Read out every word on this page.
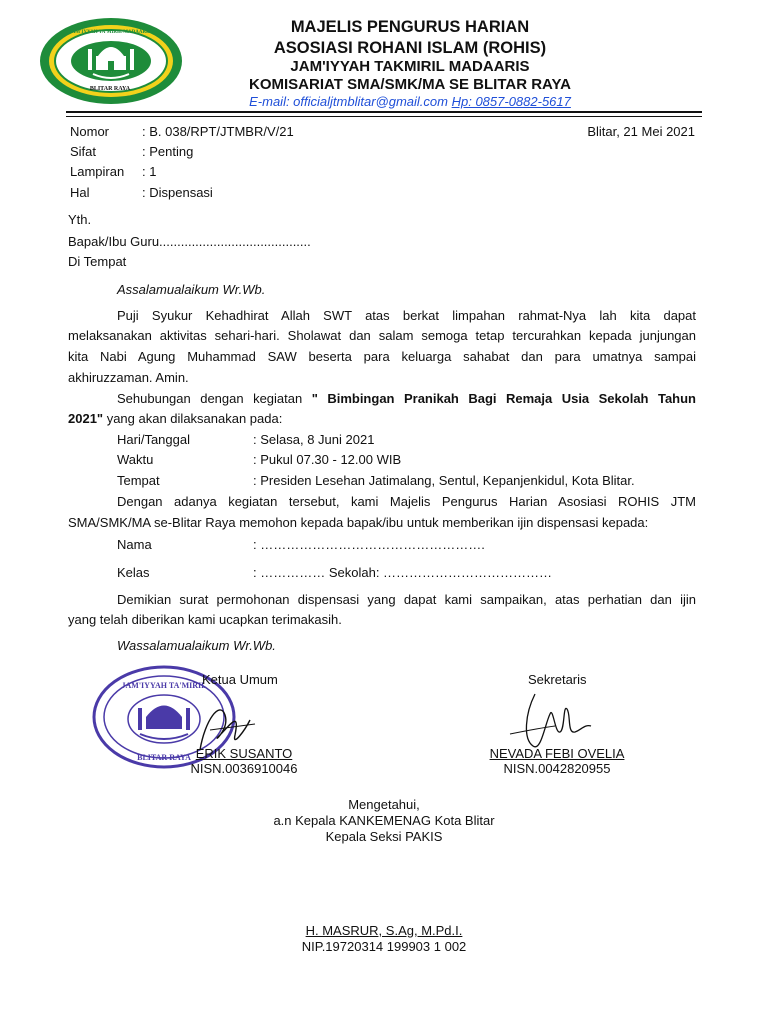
JAM'IYYAH TA'MIRIL MADAARIS
BLITAR RAYA
MAJELIS PENGURUS HARIAN
ASOSIASI ROHANI ISLAM (ROHIS)
JAM'IYYAH TAKMIRIL MADAARIS
KOMISARIAT SMA/SMK/MA SE BLITAR RAYA
E-mail: officialjtmblitar@gmail.com Hp: 0857-0882-5617
Nomor	: B. 038/RPT/JTMBR/V/21
Sifat	: Penting
Lampiran : 1
Hal	: Dispensasi
Blitar, 21 Mei 2021
Yth.
Bapak/Ibu Guru..........................................
Di Tempat
Assalamualaikum Wr.Wb.
Puji Syukur Kehadhirat Allah SWT atas berkat limpahan rahmat-Nya lah kita dapat
melaksanakan aktivitas sehari-hari. Sholawat dan salam semoga tetap tercurahkan kepada junjungan
kita Nabi Agung Muhammad SAW beserta para keluarga sahabat dan para umatnya sampai
akhiruzzaman. Amin.
Sehubungan dengan kegiatan " Bimbingan Pranikah Bagi Remaja Usia Sekolah Tahun
2021" yang akan dilaksanakan pada:
Hari/Tanggal	: Selasa, 8 Juni 2021
Waktu	: Pukul 07.30 - 12.00 WIB
Tempat	: Presiden Lesehan Jatimalang, Sentul, Kepanjenkidul, Kota Blitar.
Dengan adanya kegiatan tersebut, kami Majelis Pengurus Harian Asosiasi ROHIS JTM
SMA/SMK/MA se-Blitar Raya memohon kepada bapak/ibu untuk memberikan ijin dispensasi kepada:
Nama	: …………………………………………….
Kelas	: …………… Sekolah: …………………………………
Demikian surat permohonan dispensasi yang dapat kami sampaikan, atas perhatian dan ijin
yang telah diberikan kami ucapkan terimakasih.
Wassalamualaikum Wr.Wb.
JAM'IYYAH TA'MIRIL
BLITAR RAYA
Ketua Umum	Sekretaris
ERIK SUSANTO
NISN.0036910046
NEVADA FEBI OVELIA
NISN.0042820955
Mengetahui,
a.n Kepala KANKEMENAG Kota Blitar
Kepala Seksi PAKIS
H. MASRUR, S.Ag, M.Pd.I.
NIP.19720314 199903 1 002
